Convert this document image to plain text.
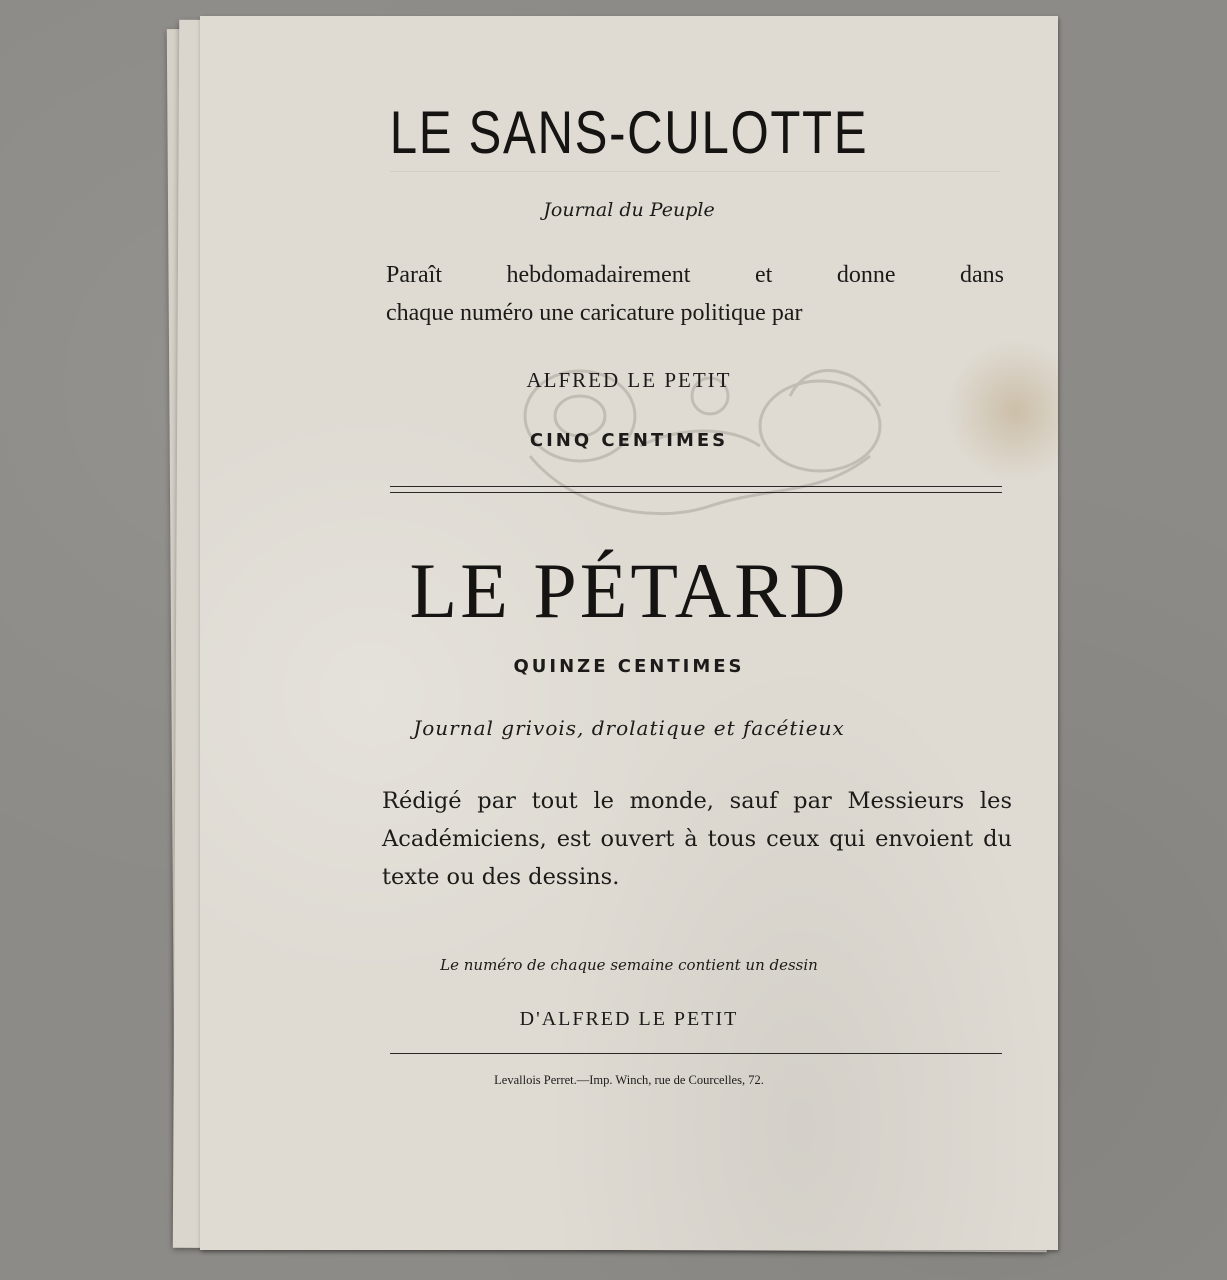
LE SANS-CULOTTE
Journal du Peuple
Paraît hebdomadairement et donne dans
chaque numéro une caricature politique par
ALFRED LE PETIT
CINQ CENTIMES
LE PÉTARD
QUINZE CENTIMES
Journal grivois, drolatique et facétieux
Rédigé par tout le monde, sauf par Messieurs les Académiciens, est ouvert à tous ceux qui envoient du texte ou des dessins.
Le numéro de chaque semaine contient un dessin
D'ALFRED LE PETIT
Levallois Perret.—Imp. Winch, rue de Courcelles, 72.
